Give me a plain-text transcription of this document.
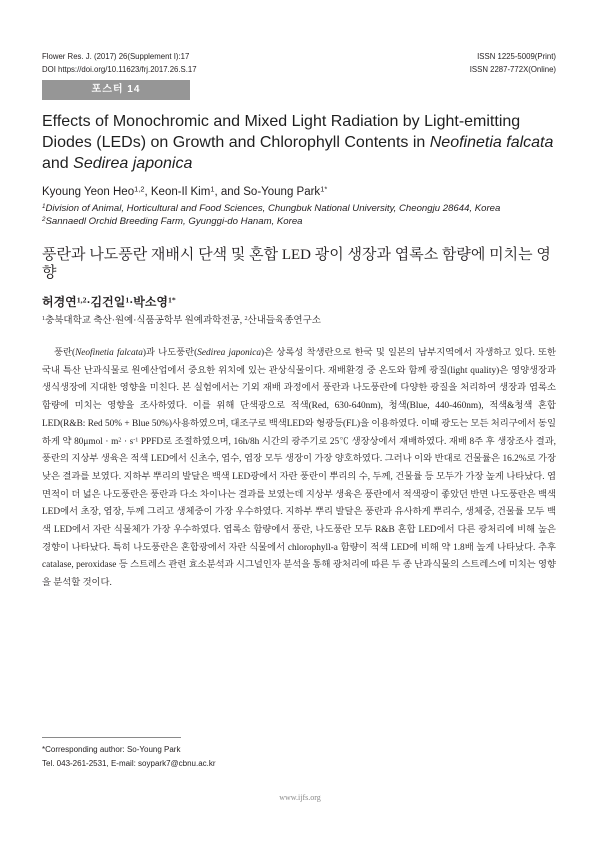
Flower Res. J. (2017) 26(Supplement I):17
DOI https://doi.org/10.11623/frj.2017.26.S.17
ISSN 1225-5009(Print)
ISSN 2287-772X(Online)
포스터 14
Effects of Monochromic and Mixed Light Radiation by Light-emitting Diodes (LEDs) on Growth and Chlorophyll Contents in Neofinetia falcata and Sedirea japonica
Kyoung Yeon Heo$^{1,2}$, Keon-Il Kim$^1$, and So-Young Park$^{1*}$
$^1$Division of Animal, Horticultural and Food Sciences, Chungbuk National University, Cheongju 28644, Korea
$^2$Sannaedl Orchid Breeding Farm, Gyunggi-do Hanam, Korea
풍란과 나도풍란 재배시 단색 및 혼합 LED 광이 생장과 엽록소 함량에 미치는 영향
허경연$^{1,2}$·김건일$^1$·박소영$^{1*}$
$^1$충북대학교 축산·원예·식품공학부 원예과학전공, $^2$산내들육종연구소

풍란(Neofinetia falcata)과 나도풍란(Sedirea japonica)은 상록성 착생란으로 한국 및 일본의 남부지역에서 자생하고 있다. 또한 국내 특산 난과식물로 원예산업에서 중요한 위치에 있는 관상식물이다. 재배환경 중 온도와 함께 광질(light quality)은 영양생장과 생식생장에 지대한 영향을 미친다. 본 실험에서는 기외 재배 과정에서 풍란과 나도풍란에 다양한 광질을 처리하여 생장과 엽록소 함량에 미치는 영향을 조사하였다. 이를 위해 단색광으로 적색(Red, 630-640nm), 청색(Blue, 440-460nm), 적색&청색 혼합 LED(R&B: Red 50% + Blue 50%)사용하였으며, 대조구로 백색LED와 형광등(FL)을 이용하였다. 이때 광도는 모든 처리구에서 동일하게 약 $80\mu mol \cdot m^2 \cdot s^{-1}$ PPFD로 조절하였으며, 16h/8h 시간의 광주기로 25℃ 생장상에서 재배하였다. 재배 8주 후 생장조사 결과, 풍란의 지상부 생육은 적색 LED에서 신초수, 엽수, 엽장 모두 생장이 가장 양호하였다. 그러나 이와 반대로 건물률은 16.2%로 가장 낮은 결과를 보였다. 지하부 뿌리의 발달은 백색 LED광에서 자란 풍란이 뿌리의 수, 두께, 건물률 등 모두가 가장 높게 나타났다. 엽면적이 더 넓은 나도풍란은 풍란과 다소 차이나는 결과를 보였는데 지상부 생육은 풍란에서 적색광이 좋았던 반면 나도풍란은 백색 LED에서 초장, 엽장, 두께 그리고 생체중이 가장 우수하였다. 지하부 뿌리 발달은 풍란과 유사하게 뿌리수, 생체중, 건물률 모두 백색 LED에서 자란 식물체가 가장 우수하였다. 엽록소 함량에서 풍란, 나도풍란 모두 R&B 혼합 LED에서 다른 광처리에 비해 높은 경향이 나타났다. 특히 나도풍란은 혼합광에서 자란 식물에서 chlorophyll-a 함량이 적색 LED에 비해 약 1.8배 높게 나타났다. 추후 catalase, peroxidase 등 스트레스 관련 효소분석과 시그널인자 분석을 통해 광처리에 따른 두 종 난과식물의 스트레스에 미치는 영향을 분석할 것이다.

*Corresponding author: So-Young Park
Tel. 043-261-2531, E-mail: soypark7@cbnu.ac.kr
www.ijfs.org
